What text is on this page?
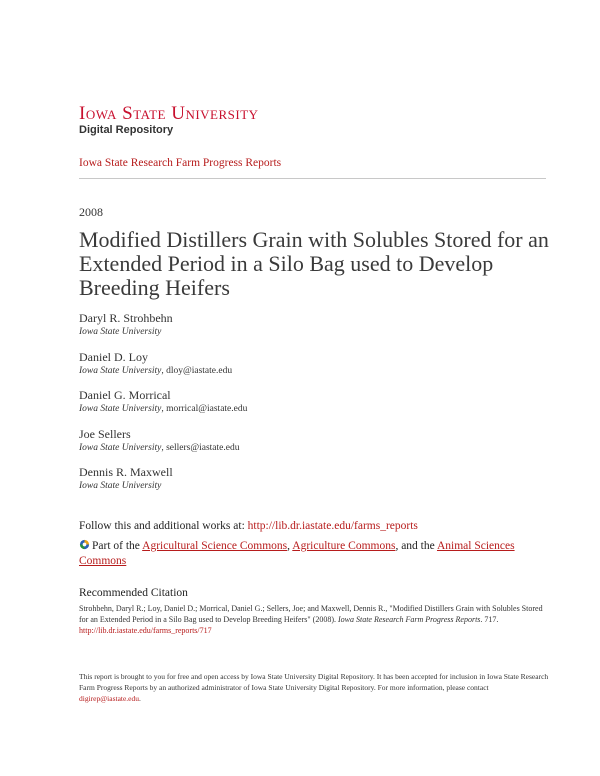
Iowa State University
Digital Repository
Iowa State Research Farm Progress Reports
2008
Modified Distillers Grain with Solubles Stored for an Extended Period in a Silo Bag used to Develop Breeding Heifers
Daryl R. Strohbehn
Iowa State University
Daniel D. Loy
Iowa State University, dloy@iastate.edu
Daniel G. Morrical
Iowa State University, morrical@iastate.edu
Joe Sellers
Iowa State University, sellers@iastate.edu
Dennis R. Maxwell
Iowa State University
Follow this and additional works at: http://lib.dr.iastate.edu/farms_reports
Part of the Agricultural Science Commons, Agriculture Commons, and the Animal Sciences Commons
Recommended Citation
Strohbehn, Daryl R.; Loy, Daniel D.; Morrical, Daniel G.; Sellers, Joe; and Maxwell, Dennis R., "Modified Distillers Grain with Solubles Stored for an Extended Period in a Silo Bag used to Develop Breeding Heifers" (2008). Iowa State Research Farm Progress Reports. 717.
http://lib.dr.iastate.edu/farms_reports/717
This report is brought to you for free and open access by Iowa State University Digital Repository. It has been accepted for inclusion in Iowa State Research Farm Progress Reports by an authorized administrator of Iowa State University Digital Repository. For more information, please contact digirep@iastate.edu.
